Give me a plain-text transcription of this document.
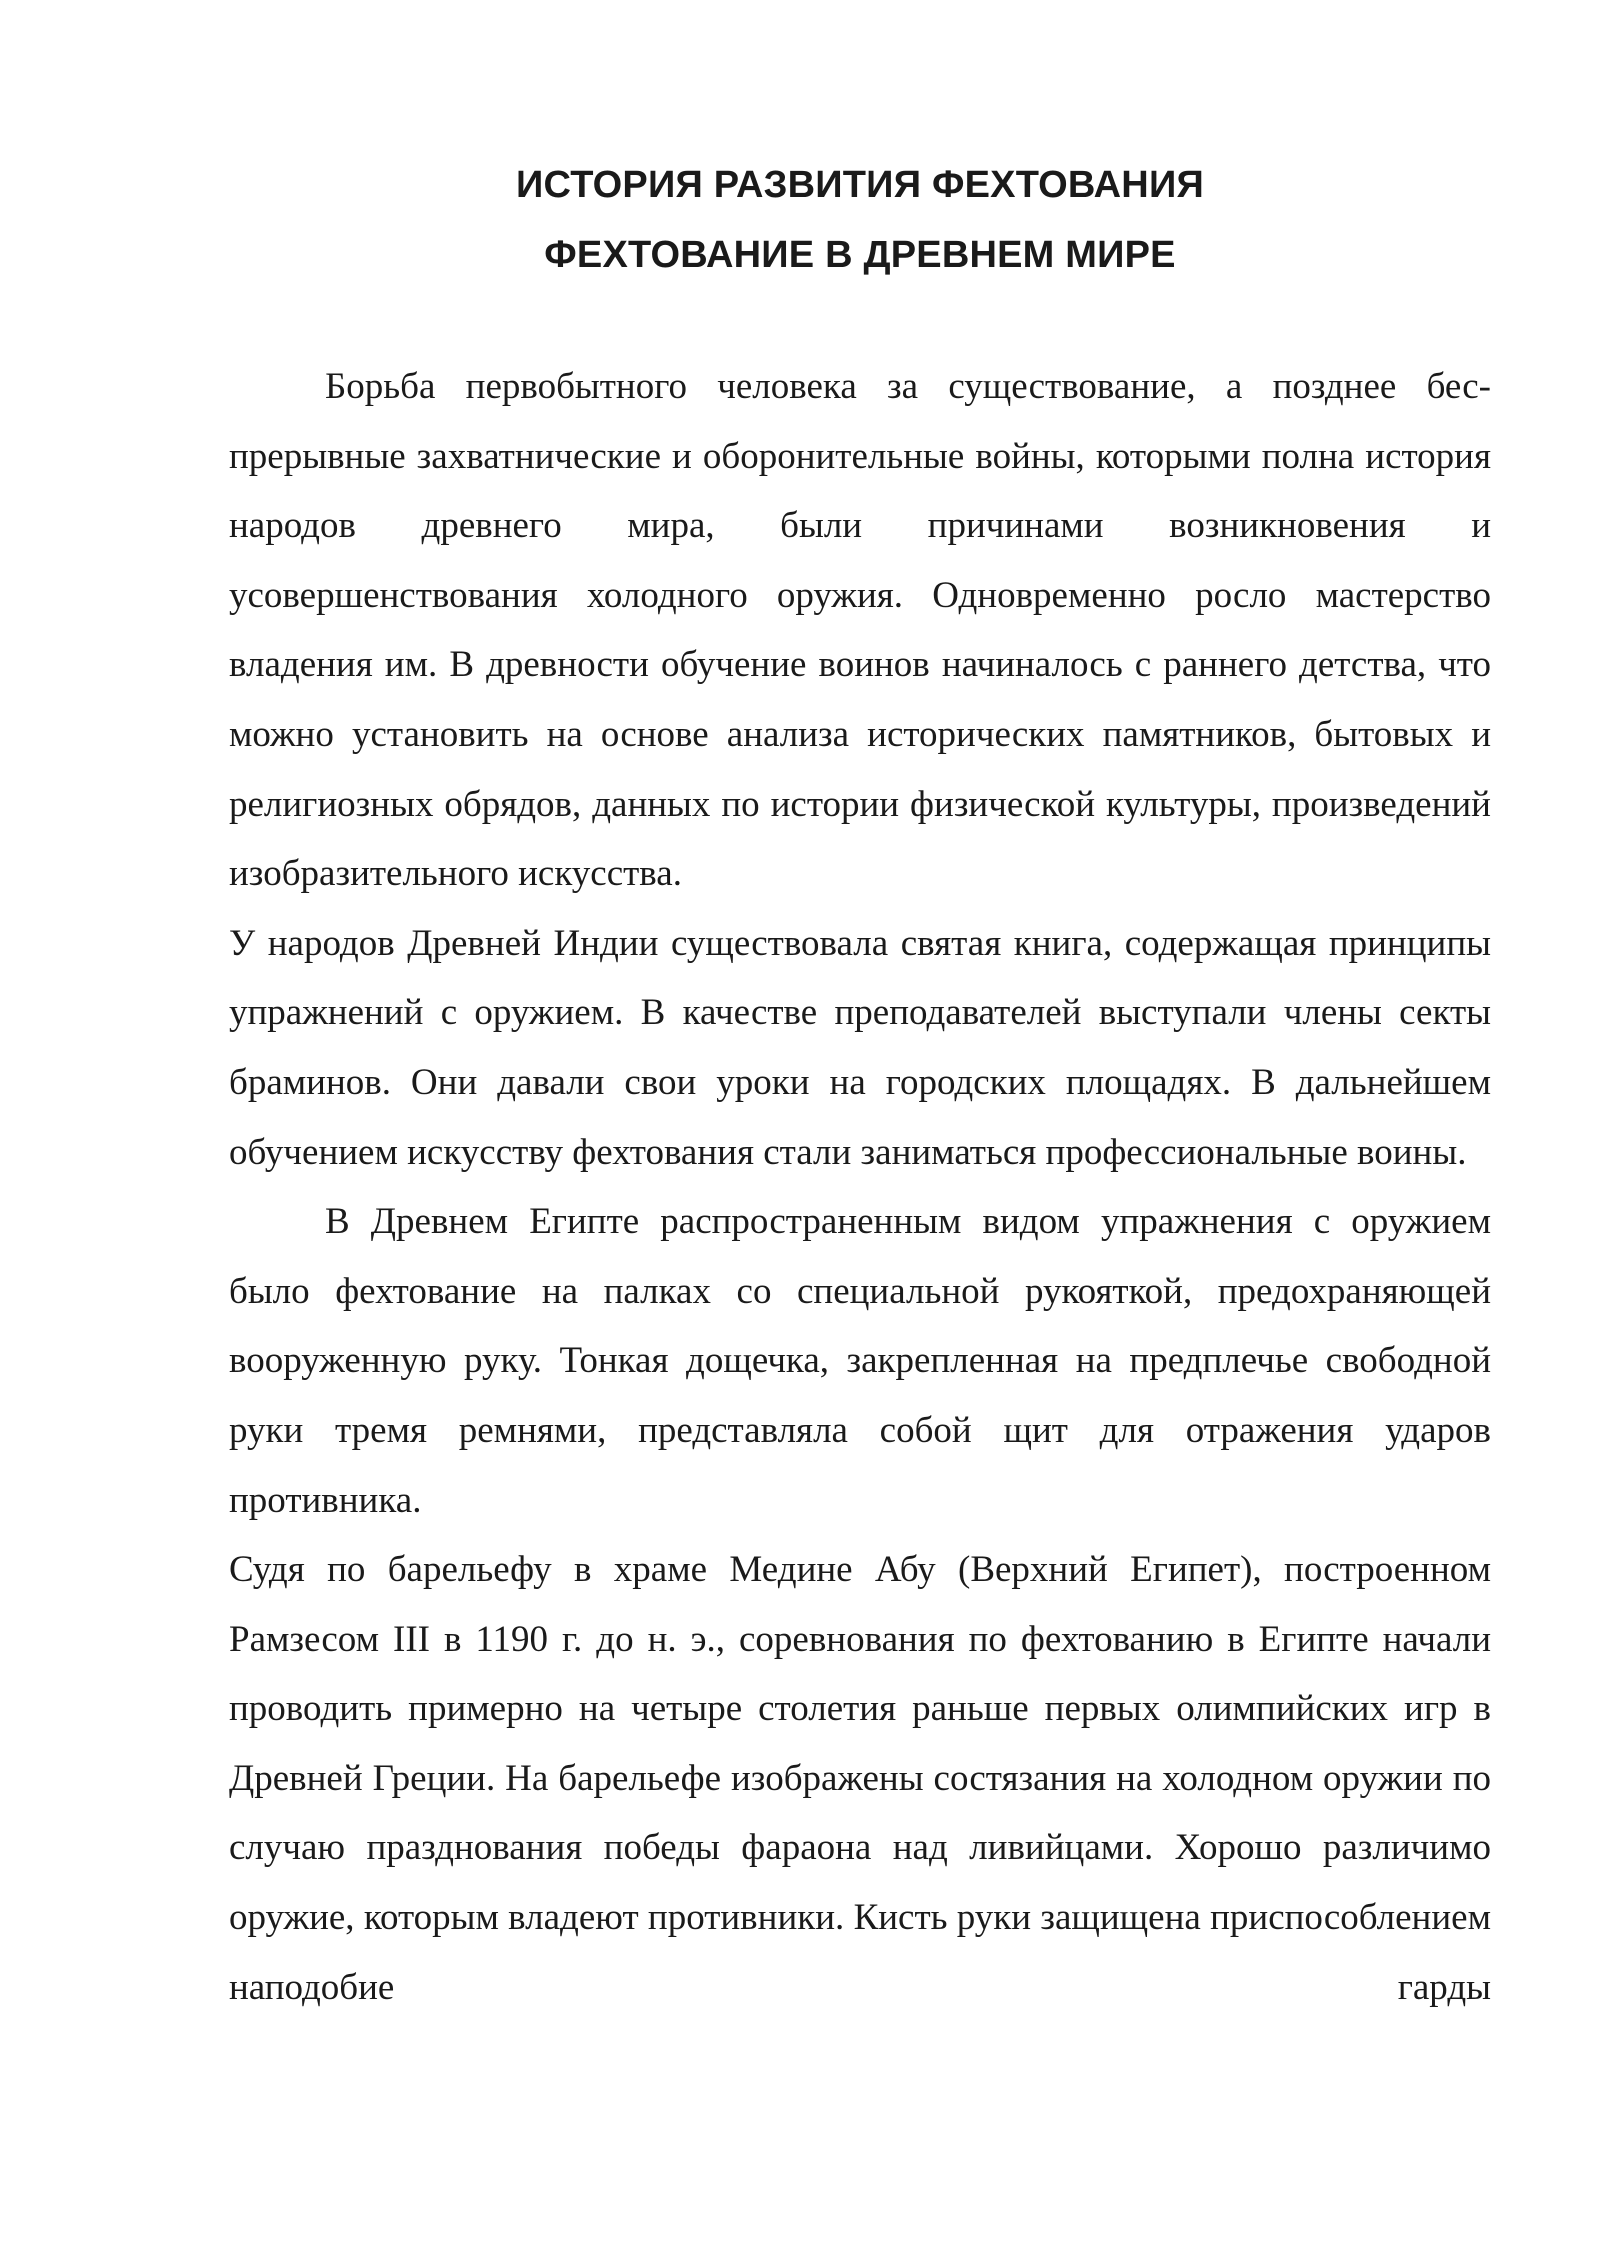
ИСТОРИЯ РАЗВИТИЯ ФЕХТОВАНИЯ
ФЕХТОВАНИЕ В ДРЕВНЕМ МИРЕ

Борьба первобытного человека за существование, а позднее беспрерывные захватнические и оборонительные войны, которыми полна история народов древнего мира, были причинами возникновения и усовершенствования холодного оружия. Одновременно росло мастерство владения им. В древности обучение воинов начиналось с раннего детства, что можно установить на основе анализа исторических памятников, бытовых и религиозных обрядов, данных по истории физической культуры, произведений изобразительного искусства.

У народов Древней Индии существовала святая книга, содержащая принципы упражнений с оружием. В качестве преподавателей выступали члены секты браминов. Они давали свои уроки на городских площадях. В дальнейшем обучением искусству фехтования стали заниматься профессиональные воины.

В Древнем Египте распространенным видом упражнения с оружием было фехтование на палках со специальной рукояткой, предохраняющей вооруженную руку. Тонкая дощечка, закрепленная на предплечье свободной руки тремя ремнями, представляла собой щит для отражения ударов противника.

Судя по барельефу в храме Медине Абу (Верхний Египет), построенном Рамзесом III в 1190 г. до н. э., соревнования по фехтованию в Египте начали проводить примерно на четыре столетия раньше первых олимпийских игр в Древней Греции. На барельефе изображены состязания на холодном оружии по случаю празднования победы фараона над ливийцами. Хорошо различимо оружие, которым владеют противники. Кисть руки защищена приспособлением наподобие гарды
